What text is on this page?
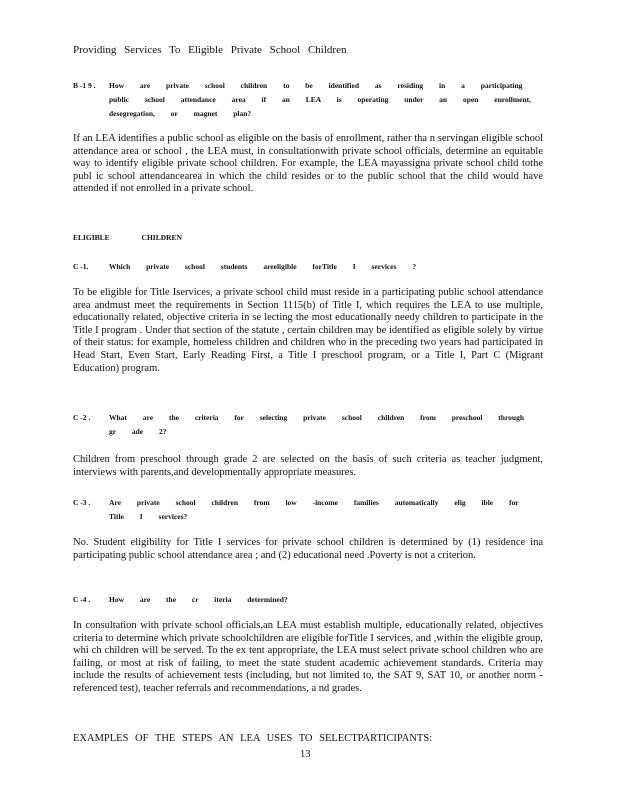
Providing Services To Eligible Private School Children
B -1 9 . How are private school children to be identified as residing in a participating public school attendance area if an LEA is operating under an open enrollment, desegregation, or magnet plan?

If an LEA identifies a public school as eligible on the basis of enrollment, rather tha n servingan eligible school attendance area or school , the LEA must, in consultationwith private school officials, determine an equitable way to identify eligible private school children. For example, the LEA mayassigna private school child tothe publ ic school attendancearea in which the child resides or to the public school that the child would have attended if not enrolled in a private school.

ELIGIBLE CHILDREN
C -1.	Which private school students areeligible forTitle I services ?

To be eligible for Title Iservices, a private school child must reside in a participating public school attendance area andmust meet the requirements in Section 1115(b) of Title I, which requires the LEA to use multiple, educationally related, objective criteria in se lecting the most educationally needy children to participate in the Title I program . Under that section of the statute , certain children may be identified as eligible solely by virtue of their status: for example, homeless children and children who in the preceding two years had participated in Head Start, Even Start, Early Reading First, a Title I preschool program, or a Title I, Part C (Migrant Education) program.

C -2 . What are the criteria for selecting private school children from preschool through gr ade 2?

Children from preschool through grade 2 are selected on the basis of such criteria as teacher judgment, interviews with parents,and developmentally appropriate measures.

C -3 . Are private school children from low -income families automatically elig ible for Title I services?

No. Student eligibility for Title I services for private school children is determined by (1) residence ina participating public school attendance area ; and (2) educational need .Poverty is not a criterion.

C -4 . How are the cr iteria determined?

In consultation with private school officials,an LEA must establish multiple, educationally related, objectives criteria to determine which private schoolchildren are eligible forTitle I services, and ,within the eligible group, whi ch children will be served. To the ex tent appropriate, the LEA must select private school children who are failing, or most at risk of failing, to meet the state student academic achievement standards. Criteria may include the results of achievement tests (including, but not limited to, the SAT 9, SAT 10, or another norm -referenced test), teacher referrals and recommendations, a nd grades.

EXAMPLES OF THE STEPS AN LEA USES TO SELECTPARTICIPANTS:
13
